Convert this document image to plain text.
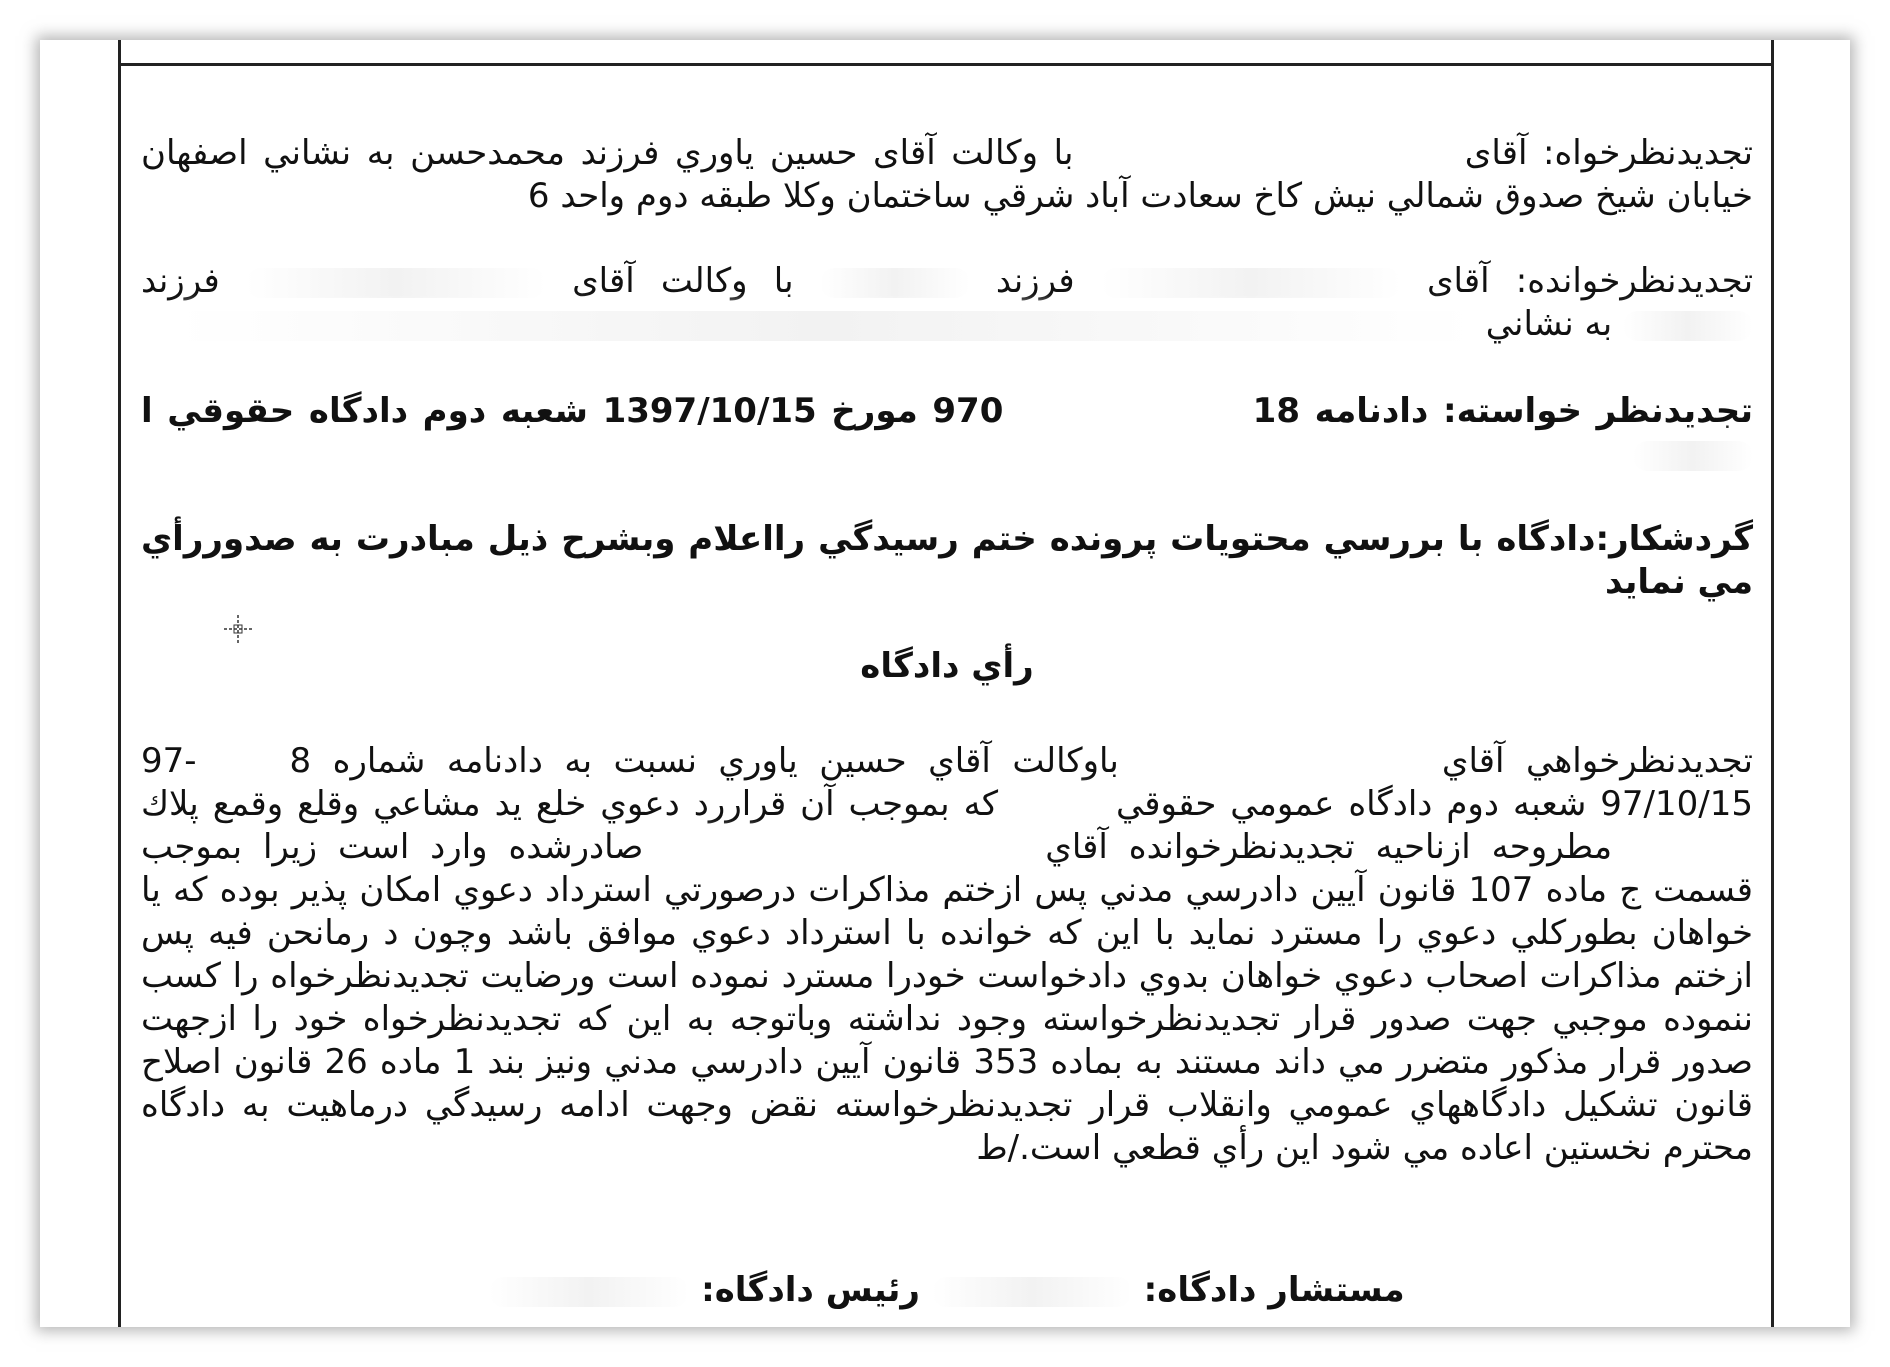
تجديدنظرخواه: آقای  با وکالت آقای حسین یاوري فرزند محمدحسن به نشاني اصفهان خيابان شيخ صدوق شمالي نيش كاخ سعادت آباد شرقي ساختمان وكلا طبقه دوم واحد 6
تجديدنظرخوانده: آقای  فرزند  با وکالت آقای  فرزند  به نشاني
تجديدنظر خواسته: دادنامه 18  970 مورخ 1397/10/15 شعبه دوم دادگاه حقوقي ا
گردشكار:دادگاه با بررسي محتويات پرونده ختم رسيدگي رااعلام وبشرح ذيل مبادرت به صدوررأي مي نمايد
رأي دادگاه
تجديدنظرخواهي آقاي  باوكالت آقاي حسين ياوري نسبت به دادنامه شماره 8  -97 97/10/15 شعبه دوم دادگاه عمومي حقوقي  كه بموجب آن قراررد دعوي خلع يد مشاعي وقلع وقمع پلاك  مطروحه ازناحيه تجديدنظرخوانده آقاي  صادرشده وارد است زيرا بموجب قسمت ج ماده 107 قانون آيين دادرسي مدني پس ازختم مذاكرات درصورتي استرداد دعوي امكان پذير بوده كه يا خواهان بطوركلي دعوي را مسترد نمايد با اين كه خوانده با استرداد دعوي موافق باشد وچون د رمانحن فيه پس ازختم مذاكرات اصحاب دعوي خواهان بدوي دادخواست خودرا مسترد نموده است ورضايت تجديدنظرخواه را كسب ننموده موجبي جهت صدور قرار تجديدنظرخواسته وجود نداشته وباتوجه به اين كه تجديدنظرخواه خود را ازجهت صدور قرار مذكور متضرر مي داند مستند به بماده 353 قانون آيين دادرسي مدني ونيز بند 1 ماده 26 قانون اصلاح قانون تشكيل دادگاههاي عمومي وانقلاب قرار تجديدنظرخواسته نقض وجهت ادامه رسيدگي درماهيت به دادگاه محترم نخستين اعاده مي شود اين رأي قطعي است./ط
مستشار دادگاه:  رئيس دادگاه:
